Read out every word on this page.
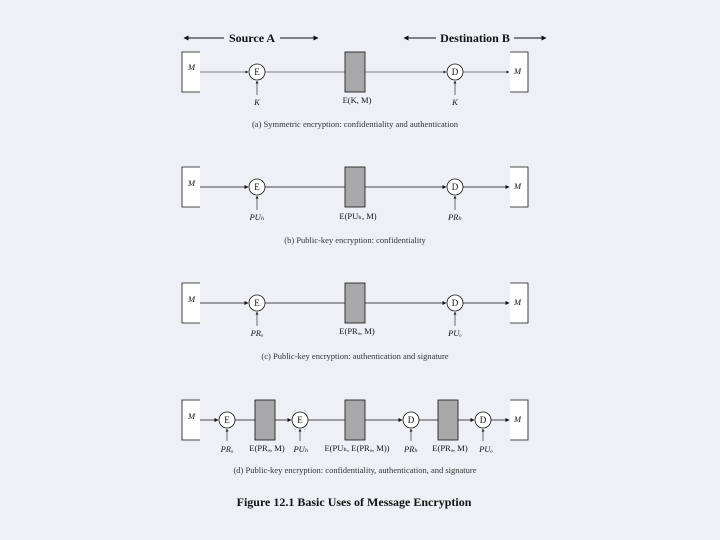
Source A	Destination B
M	E
K	E(K, M)
D
K
M
(a) Symmetric encryption: confidentiality and authentication
M	E
PUₕ	E(PUₕ, M)
D
PRₕ
M
(b) Public-key encryption: confidentiality
M	E
PRₐ	E(PRₐ, M)
D
PUₐ
M
(c) Public-key encryption: authentication and signature
M	E
PRₐ E(PRₐ, M)
E
PUₕ E(PUₕ, E(PRₐ, M))
D
PRₕ E(PRₐ, M)
D
PUₐ
M
(d) Public-key encryption: confidentiality, authentication, and signature
Figure 12.1 Basic Uses of Message Encryption
